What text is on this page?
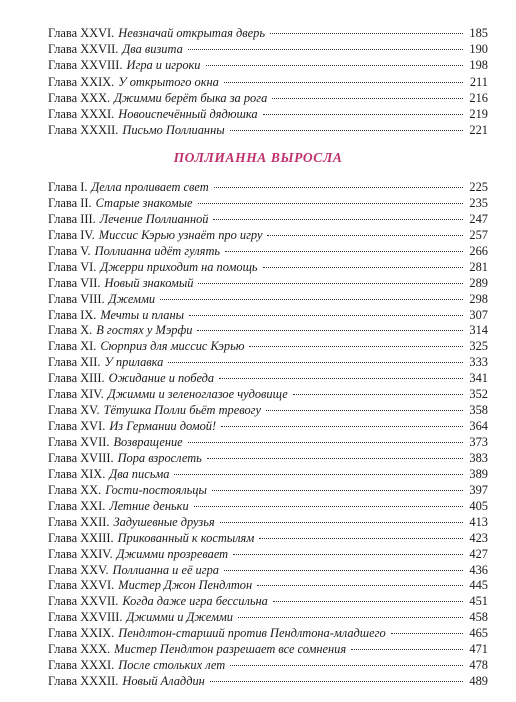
Глава XXVI. Невзначай открытая дверь	185
Глава XXVII. Два визита	190
Глава XXVIII. Игра и игроки	198
Глава XXIX. У открытого окна	211
Глава XXX. Джимми берёт быка за рога	216
Глава XXXI. Новоиспечённый дядюшка	219
Глава XXXII. Письмо Поллианны	221
ПОЛЛИАННА ВЫРОСЛА
Глава I. Делла проливает свет	225
Глава II. Старые знакомые	235
Глава III. Лечение Поллианной	247
Глава IV. Миссис Кэрью узнаёт про игру	257
Глава V. Поллианна идёт гулять	266
Глава VI. Джерри приходит на помощь	281
Глава VII. Новый знакомый	289
Глава VIII. Джемми	298
Глава IX. Мечты и планы	307
Глава X. В гостях у Мэрфи	314
Глава XI. Сюрприз для миссис Кэрью	325
Глава XII. У прилавка	333
Глава XIII. Ожидание и победа	341
Глава XIV. Джимми и зеленоглазое чудовище	352
Глава XV. Тётушка Полли бьёт тревогу	358
Глава XVI. Из Германии домой!	364
Глава XVII. Возвращение	373
Глава XVIII. Пора взрослеть	383
Глава XIX. Два письма	389
Глава XX. Гости-постояльцы	397
Глава XXI. Летние деньки	405
Глава XXII. Задушевные друзья	413
Глава XXIII. Прикованный к костылям	423
Глава XXIV. Джимми прозревает	427
Глава XXV. Поллианна и её игра	436
Глава XXVI. Мистер Джон Пендлтон	445
Глава XXVII. Когда даже игра бессильна	451
Глава XXVIII. Джимми и Джемми	458
Глава XXIX. Пендлтон-старший против Пендлтона-младшего	465
Глава XXX. Мистер Пендлтон разрешает все сомнения	471
Глава XXXI. После стольких лет	478
Глава XXXII. Новый Аладдин	489
